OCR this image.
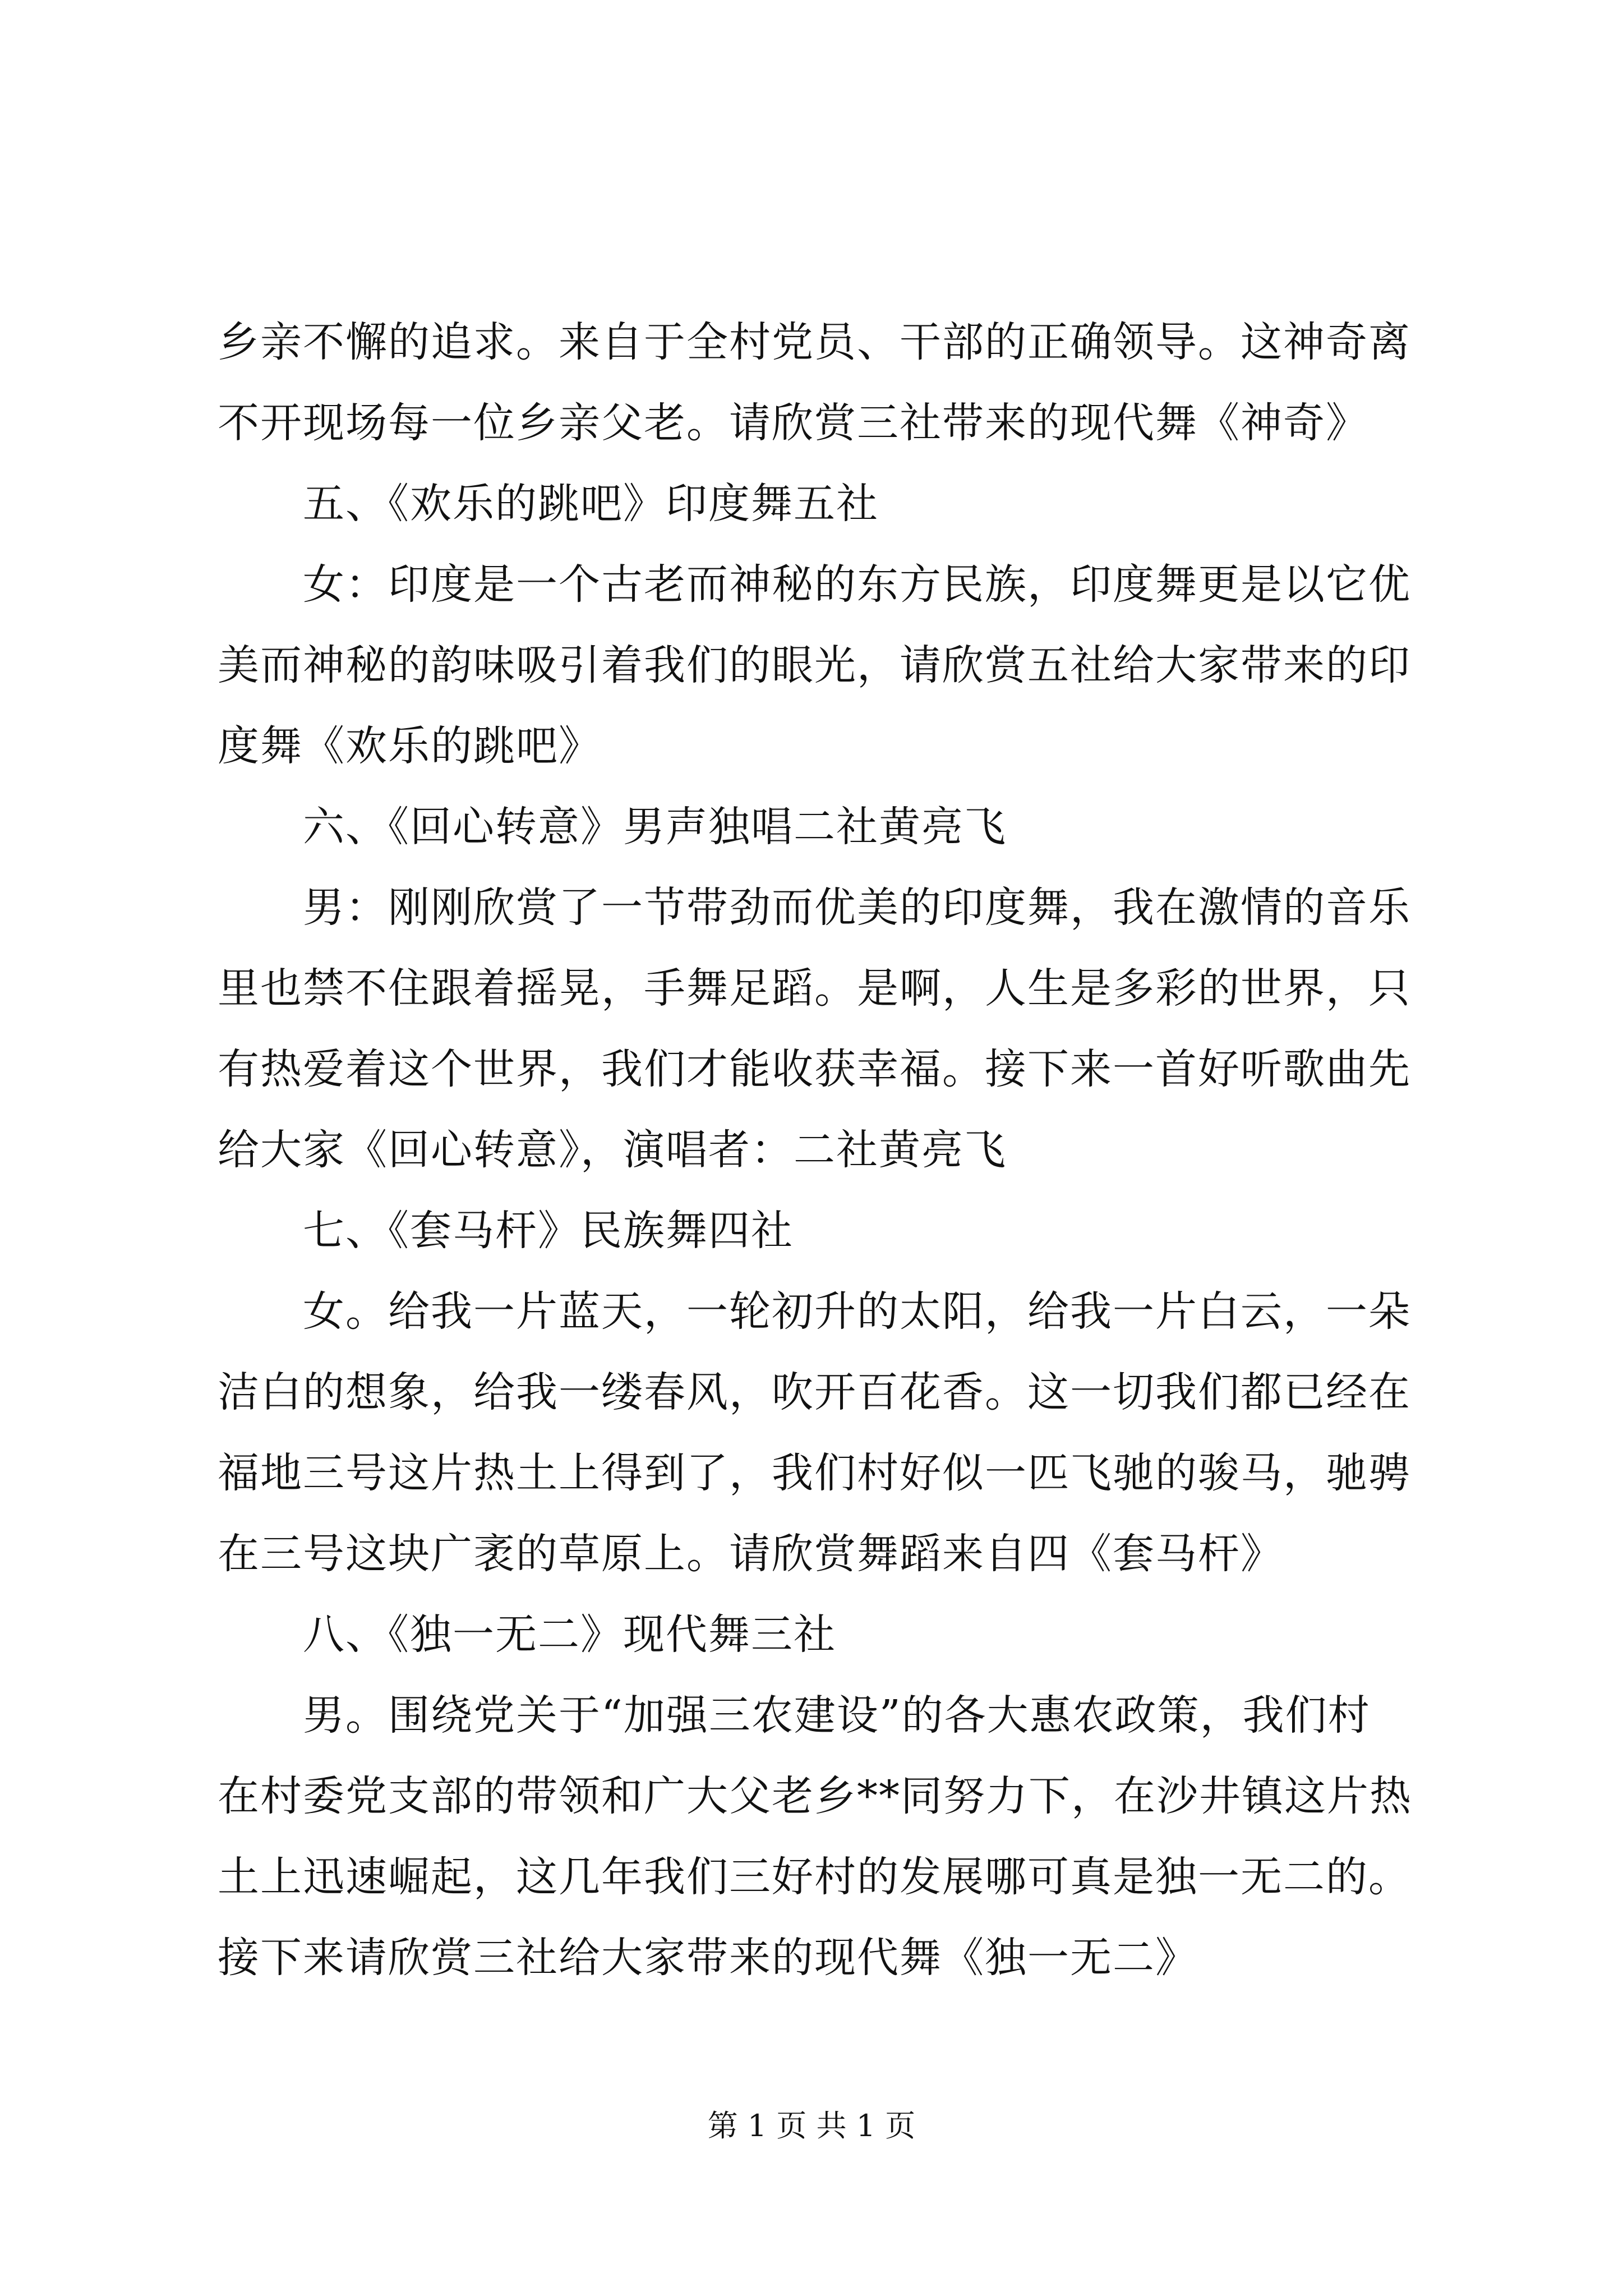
乡亲不懈的追求。来自于全村党员、干部的正确领导。这神奇离
不开现场每一位乡亲父老。请欣赏三社带来的现代舞《神奇》
五、《欢乐的跳吧》印度舞五社
女：印度是一个古老而神秘的东方民族，印度舞更是以它优
美而神秘的韵味吸引着我们的眼光，请欣赏五社给大家带来的印
度舞《欢乐的跳吧》
六、《回心转意》男声独唱二社黄亮飞
男：刚刚欣赏了一节带劲而优美的印度舞，我在激情的音乐
里也禁不住跟着摇晃，手舞足蹈。是啊，人生是多彩的世界，只
有热爱着这个世界，我们才能收获幸福。接下来一首好听歌曲先
给大家《回心转意》，演唱者：二社黄亮飞
七、《套马杆》民族舞四社
女。给我一片蓝天，一轮初升的太阳，给我一片白云，一朵
洁白的想象，给我一缕春风，吹开百花香。这一切我们都已经在
福地三号这片热土上得到了，我们村好似一匹飞驰的骏马，驰骋
在三号这块广袤的草原上。请欣赏舞蹈来自四《套马杆》
八、《独一无二》现代舞三社
男。围绕党关于“加强三农建设”的各大惠农政策，我们村
在村委党支部的带领和广大父老乡**同努力下，在沙井镇这片热
土上迅速崛起，这几年我们三好村的发展哪可真是独一无二的。
接下来请欣赏三社给大家带来的现代舞《独一无二》
第 1 页 共 1 页
